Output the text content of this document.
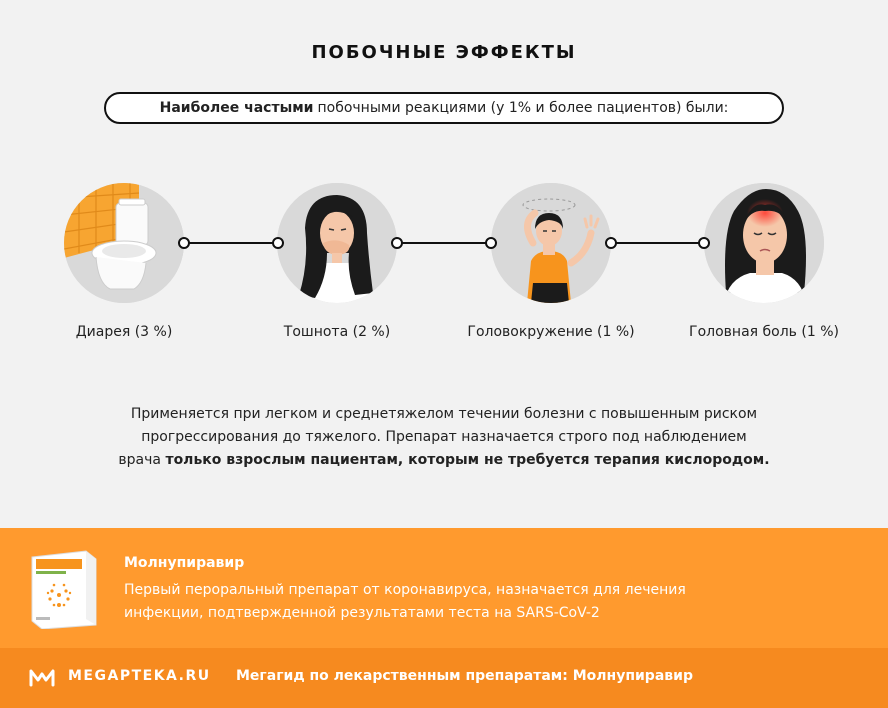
ПОБОЧНЫЕ ЭФФЕКТЫ
Наиболее частыми побочными реакциями (у 1% и более пациентов) были:
Диарея (3 %)	Тошнота (2 %)	Головокружение (1 %)	Головная боль (1 %)
Применяется при легком и среднетяжелом течении болезни с повышенным риском
прогрессирования до тяжелого. Препарат назначается строго под наблюдением
врача только взрослым пациентам, которым не требуется терапия кислородом.
Молнупиравир
Первый пероральный препарат от коронавируса, назначается для лечения
инфекции, подтвержденной результатами теста на SARS-CoV-2
MEGAPTEKA.RU Мегагид по лекарственным препаратам: Молнупиравир
